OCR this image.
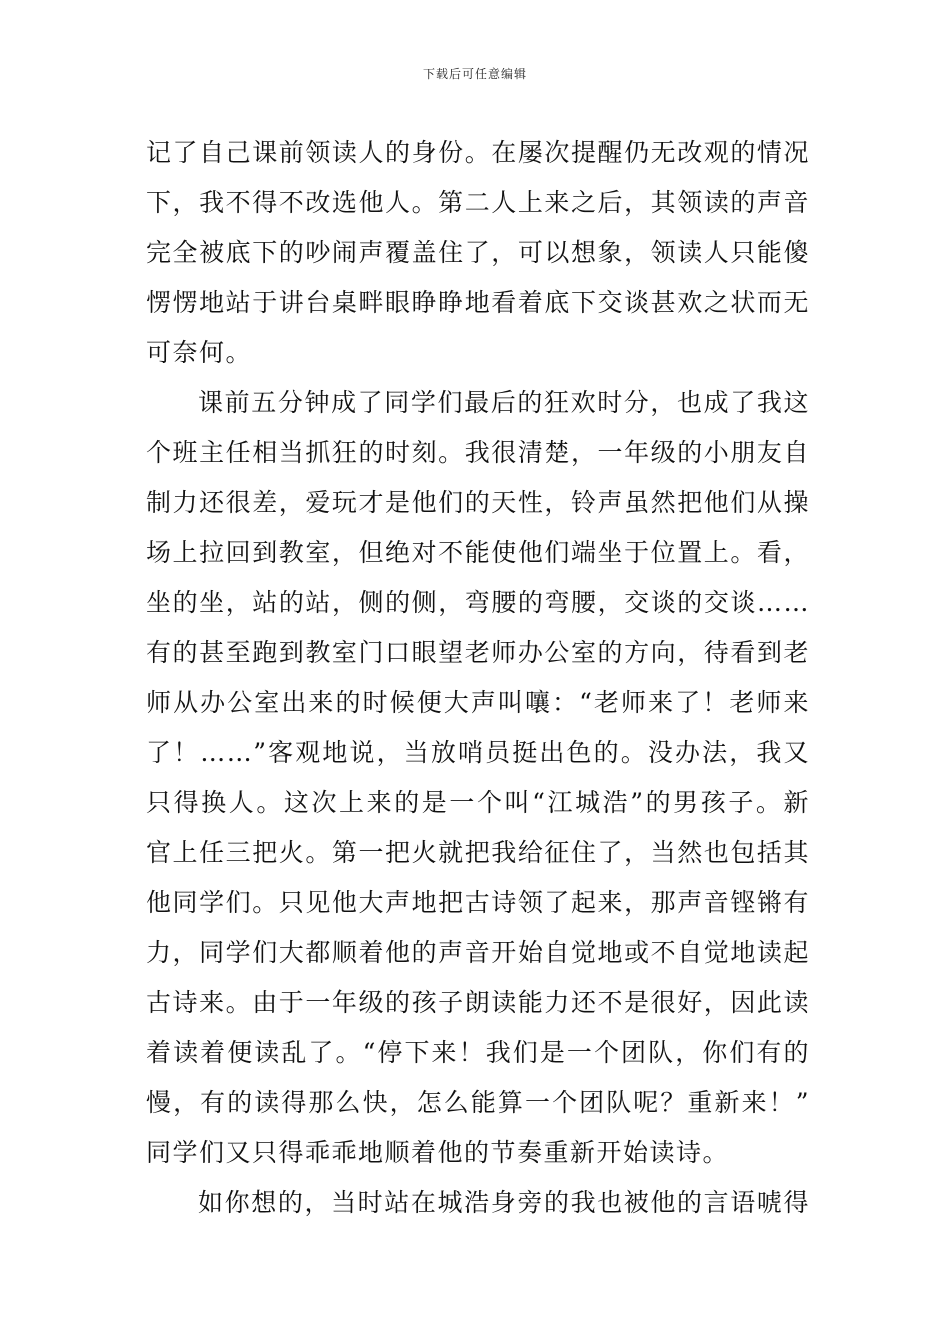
下载后可任意编辑
记了自己课前领读人的身份。在屡次提醒仍无改观的情况
下，我不得不改选他人。第二人上来之后，其领读的声音
完全被底下的吵闹声覆盖住了，可以想象，领读人只能傻
愣愣地站于讲台桌畔眼睁睁地看着底下交谈甚欢之状而无
可奈何。
课前五分钟成了同学们最后的狂欢时分，也成了我这
个班主任相当抓狂的时刻。我很清楚，一年级的小朋友自
制力还很差，爱玩才是他们的天性，铃声虽然把他们从操
场上拉回到教室，但绝对不能使他们端坐于位置上。看，
坐的坐，站的站，侧的侧，弯腰的弯腰，交谈的交谈……
有的甚至跑到教室门口眼望老师办公室的方向，待看到老
师从办公室出来的时候便大声叫嚷：“老师来了！老师来
了！……”客观地说，当放哨员挺出色的。没办法，我又
只得换人。这次上来的是一个叫“江城浩”的男孩子。新
官上任三把火。第一把火就把我给征住了，当然也包括其
他同学们。只见他大声地把古诗领了起来，那声音铿锵有
力，同学们大都顺着他的声音开始自觉地或不自觉地读起
古诗来。由于一年级的孩子朗读能力还不是很好，因此读
着读着便读乱了。“停下来！我们是一个团队，你们有的
慢，有的读得那么快，怎么能算一个团队呢？重新来！”
同学们又只得乖乖地顺着他的节奏重新开始读诗。
如你想的，当时站在城浩身旁的我也被他的言语唬得
